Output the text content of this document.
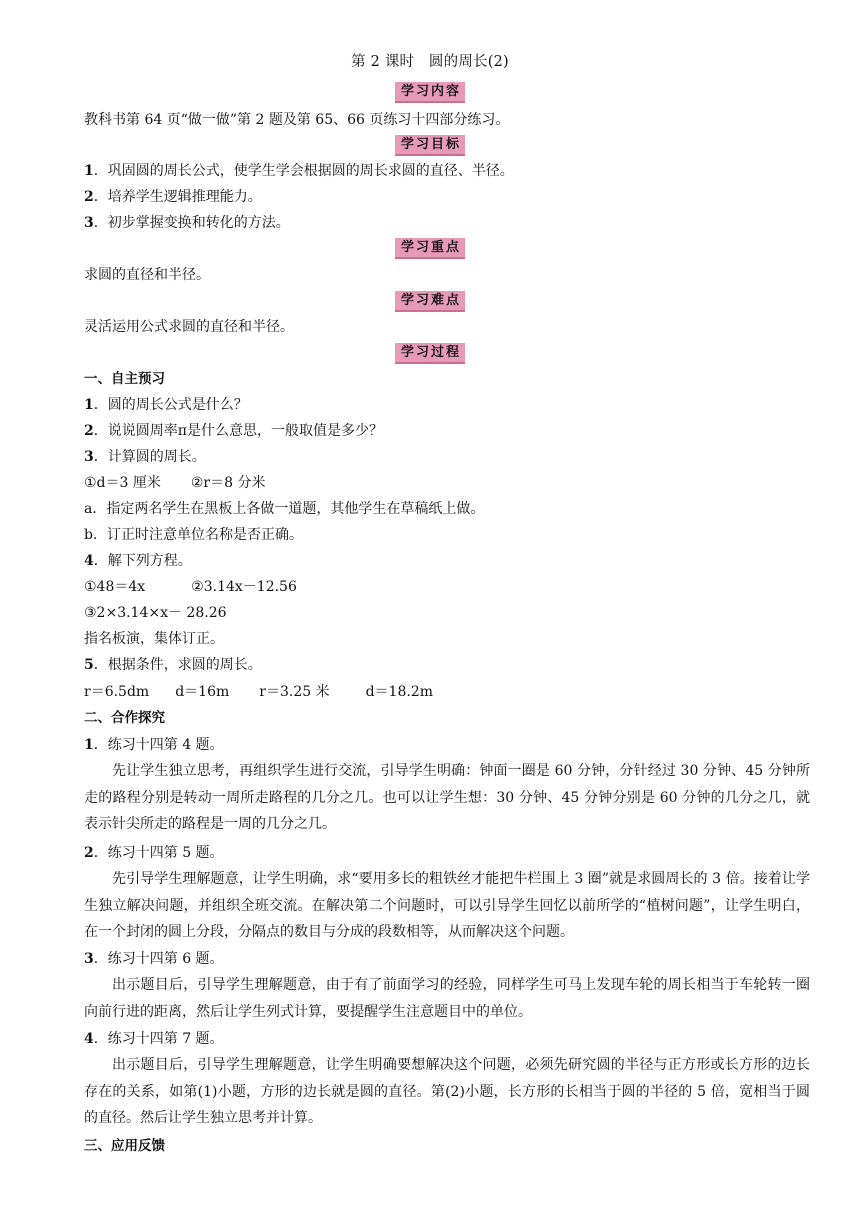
第 2 课时　圆的周长(2)
学习内容
教科书第 64 页“做一做”第 2 题及第 65、66 页练习十四部分练习。
学习目标
1．巩固圆的周长公式，使学生学会根据圆的周长求圆的直径、半径。
2．培养学生逻辑推理能力。
3．初步掌握变换和转化的方法。
学习重点
求圆的直径和半径。
学习难点
灵活运用公式求圆的直径和半径。
学习过程
一、自主预习
1．圆的周长公式是什么？
2．说说圆周率π是什么意思，一般取值是多少？
3．计算圆的周长。
①d＝3 厘米 ②r＝8 分米
a．指定两名学生在黑板上各做一道题，其他学生在草稿纸上做。
b．订正时注意单位名称是否正确。
4．解下列方程。
①48＝4x	②3.14x－12.56
③2×3.14×x－ 28.26
指名板演，集体订正。
5．根据条件，求圆的周长。
r＝6.5dm d＝16m r＝3.25 米	d＝18.2m
二、合作探究
1．练习十四第 4 题。
先让学生独立思考，再组织学生进行交流，引导学生明确：钟面一圈是 60 分钟，分针经过 30 分钟、45 分钟所走的路程分别是转动一周所走路程的几分之几。也可以让学生想：30 分钟、45 分钟分别是 60 分钟的几分之几，就表示针尖所走的路程是一周的几分之几。
2．练习十四第 5 题。
先引导学生理解题意，让学生明确，求“要用多长的粗铁丝才能把牛栏围上 3 圈”就是求圆周长的 3 倍。接着让学生独立解决问题，并组织全班交流。在解决第二个问题时，可以引导学生回忆以前所学的“植树问题”，让学生明白，在一个封闭的圆上分段，分隔点的数目与分成的段数相等，从而解决这个问题。
3．练习十四第 6 题。
出示题目后，引导学生理解题意，由于有了前面学习的经验，同样学生可马上发现车轮的周长相当于车轮转一圈向前行进的距离，然后让学生列式计算，要提醒学生注意题目中的单位。
4．练习十四第 7 题。
出示题目后，引导学生理解题意，让学生明确要想解决这个问题，必须先研究圆的半径与正方形或长方形的边长存在的关系，如第(1)小题，方形的边长就是圆的直径。第(2)小题，长方形的长相当于圆的半径的 5 倍，宽相当于圆的直径。然后让学生独立思考并计算。
三、应用反馈
